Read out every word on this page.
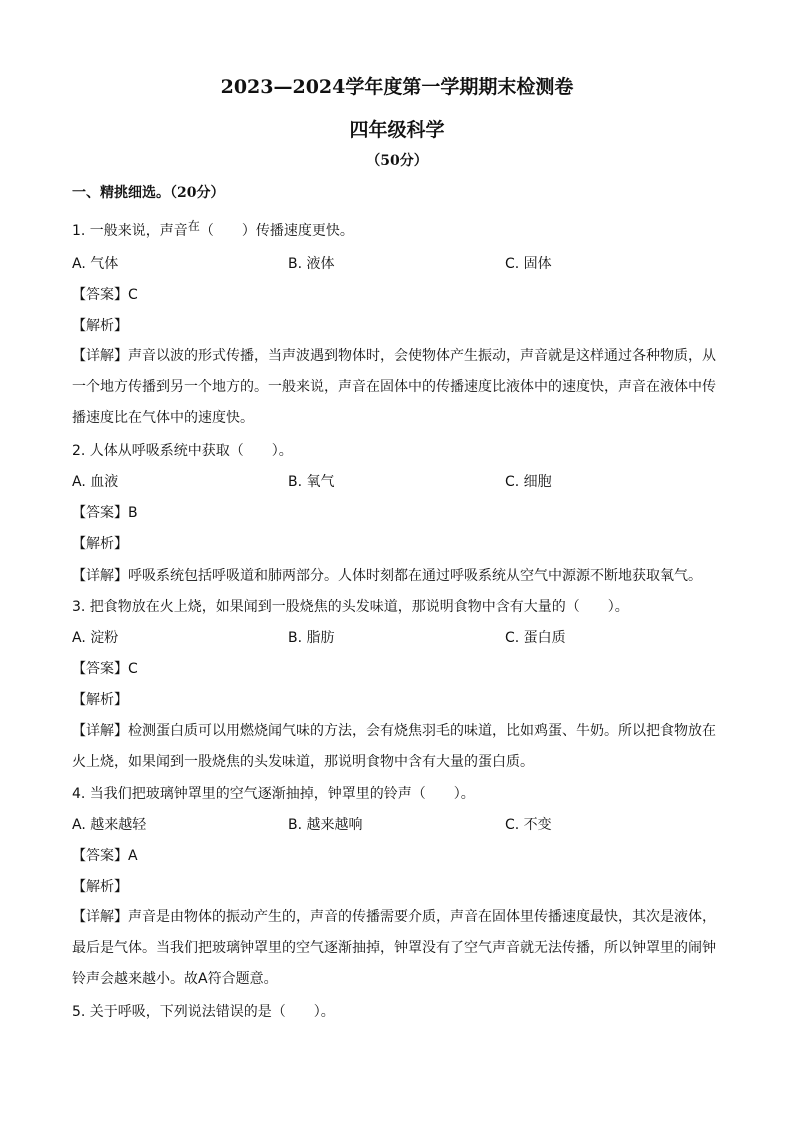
2023—2024学年度第一学期期末检测卷
四年级科学
（50分）
一、精挑细选。（20分）
1. 一般来说，声音在（　　）传播速度更快。
A. 气体	B. 液体	C. 固体
【答案】C
【解析】
【详解】声音以波的形式传播，当声波遇到物体时，会使物体产生振动，声音就是这样通过各种物质，从一个地方传播到另一个地方的。一般来说，声音在固体中的传播速度比液体中的速度快，声音在液体中传播速度比在气体中的速度快。
2. 人体从呼吸系统中获取（　　）。
A. 血液	B. 氧气	C. 细胞
【答案】B
【解析】
【详解】呼吸系统包括呼吸道和肺两部分。人体时刻都在通过呼吸系统从空气中源源不断地获取氧气。
3. 把食物放在火上烧，如果闻到一股烧焦的头发味道，那说明食物中含有大量的（　　）。
A. 淀粉	B. 脂肪	C. 蛋白质
【答案】C
【解析】
【详解】检测蛋白质可以用燃烧闻气味的方法，会有烧焦羽毛的味道，比如鸡蛋、牛奶。所以把食物放在火上烧，如果闻到一股烧焦的头发味道，那说明食物中含有大量的蛋白质。
4. 当我们把玻璃钟罩里的空气逐渐抽掉，钟罩里的铃声（　　）。
A. 越来越轻	B. 越来越响	C. 不变
【答案】A
【解析】
【详解】声音是由物体的振动产生的，声音的传播需要介质，声音在固体里传播速度最快，其次是液体，最后是气体。当我们把玻璃钟罩里的空气逐渐抽掉，钟罩没有了空气声音就无法传播，所以钟罩里的闹钟铃声会越来越小。故A符合题意。
5. 关于呼吸，下列说法错误的是（　　）。
